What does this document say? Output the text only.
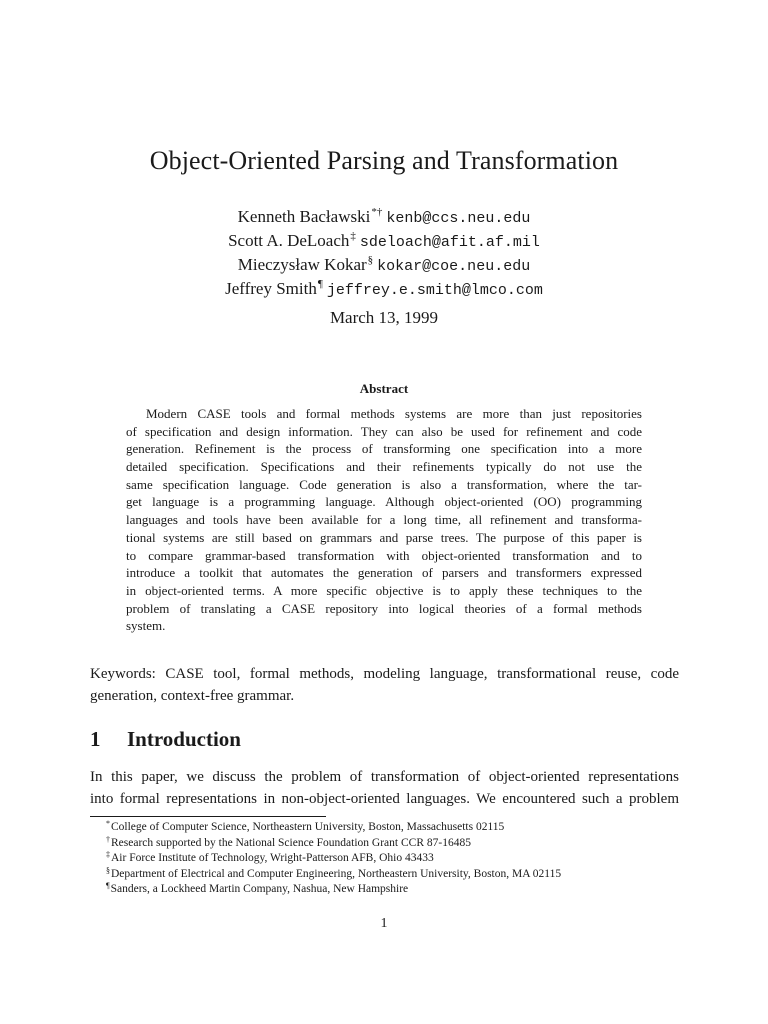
Object-Oriented Parsing and Transformation
Kenneth Bacławski*† kenb@ccs.neu.edu
Scott A. DeLoach‡ sdeloach@afit.af.mil
Mieczysław Kokar§ kokar@coe.neu.edu
Jeffrey Smith¶ jeffrey.e.smith@lmco.com
March 13, 1999
Abstract
Modern CASE tools and formal methods systems are more than just repositories
of specification and design information. They can also be used for refinement and code
generation. Refinement is the process of transforming one specification into a more
detailed specification. Specifications and their refinements typically do not use the
same specification language. Code generation is also a transformation, where the tar-
get language is a programming language. Although object-oriented (OO) programming
languages and tools have been available for a long time, all refinement and transforma-
tional systems are still based on grammars and parse trees. The purpose of this paper is
to compare grammar-based transformation with object-oriented transformation and to
introduce a toolkit that automates the generation of parsers and transformers expressed
in object-oriented terms. A more specific objective is to apply these techniques to the
problem of translating a CASE repository into logical theories of a formal methods
system.
Keywords: CASE tool, formal methods, modeling language, transformational reuse, code
generation, context-free grammar.
1 Introduction
In this paper, we discuss the problem of transformation of object-oriented representations
into formal representations in non-object-oriented languages. We encountered such a problem
*College of Computer Science, Northeastern University, Boston, Massachusetts 02115
†Research supported by the National Science Foundation Grant CCR 87-16485
‡Air Force Institute of Technology, Wright-Patterson AFB, Ohio 43433
§Department of Electrical and Computer Engineering, Northeastern University, Boston, MA 02115
¶Sanders, a Lockheed Martin Company, Nashua, New Hampshire
1
